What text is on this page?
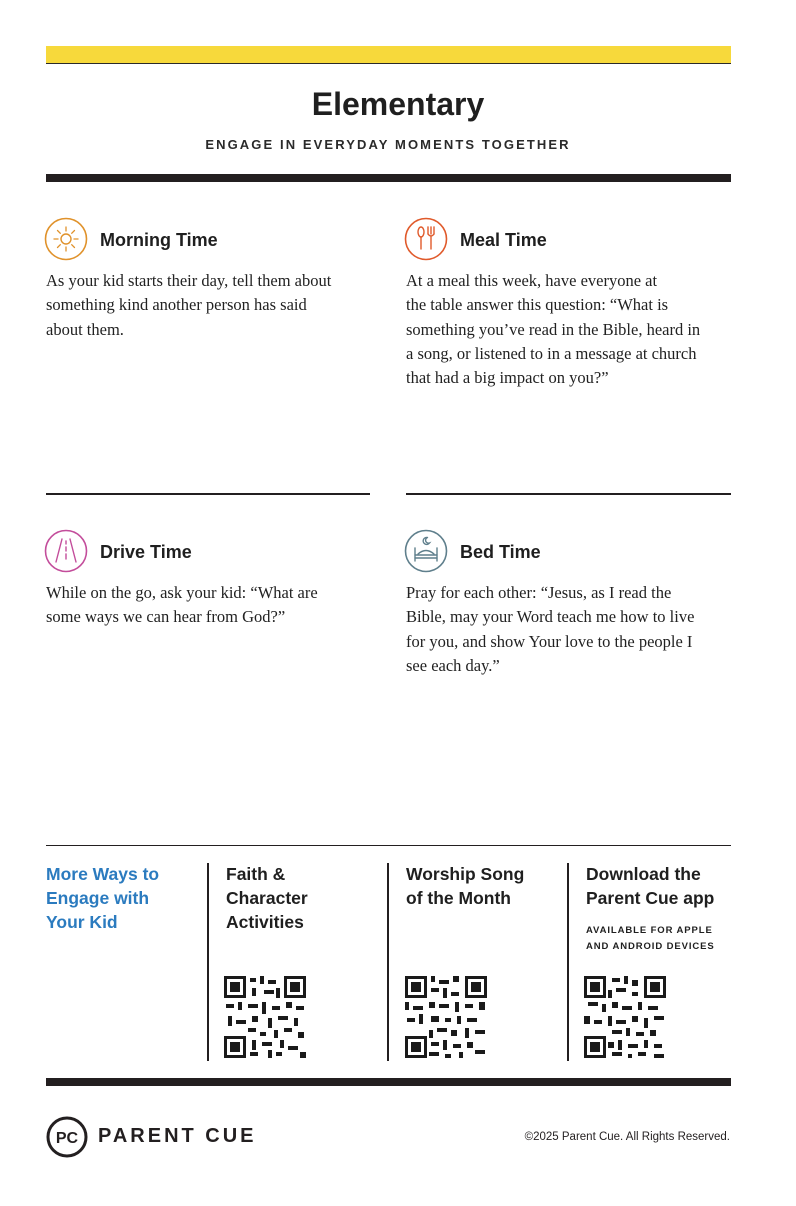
Elementary
ENGAGE IN EVERYDAY MOMENTS TOGETHER
Morning Time
As your kid starts their day, tell them about
something kind another person has said
about them.
Meal Time
At a meal this week, have everyone at
the table answer this question: “What is
something you’ve read in the Bible, heard in
a song, or listened to in a message at church
that had a big impact on you?”
Drive Time
While on the go, ask your kid: “What are
some ways we can hear from God?”
Bed Time
Pray for each other: “Jesus, as I read the
Bible, may your Word teach me how to live
for you, and show Your love to the people I
see each day.”
More Ways to
Engage with
Your Kid
Faith &
Character
Activities
Worship Song
of the Month
Download the
Parent Cue app
AVAILABLE FOR APPLE
AND ANDROID DEVICES
PC PARENT CUE	©2025 Parent Cue. All Rights Reserved.
